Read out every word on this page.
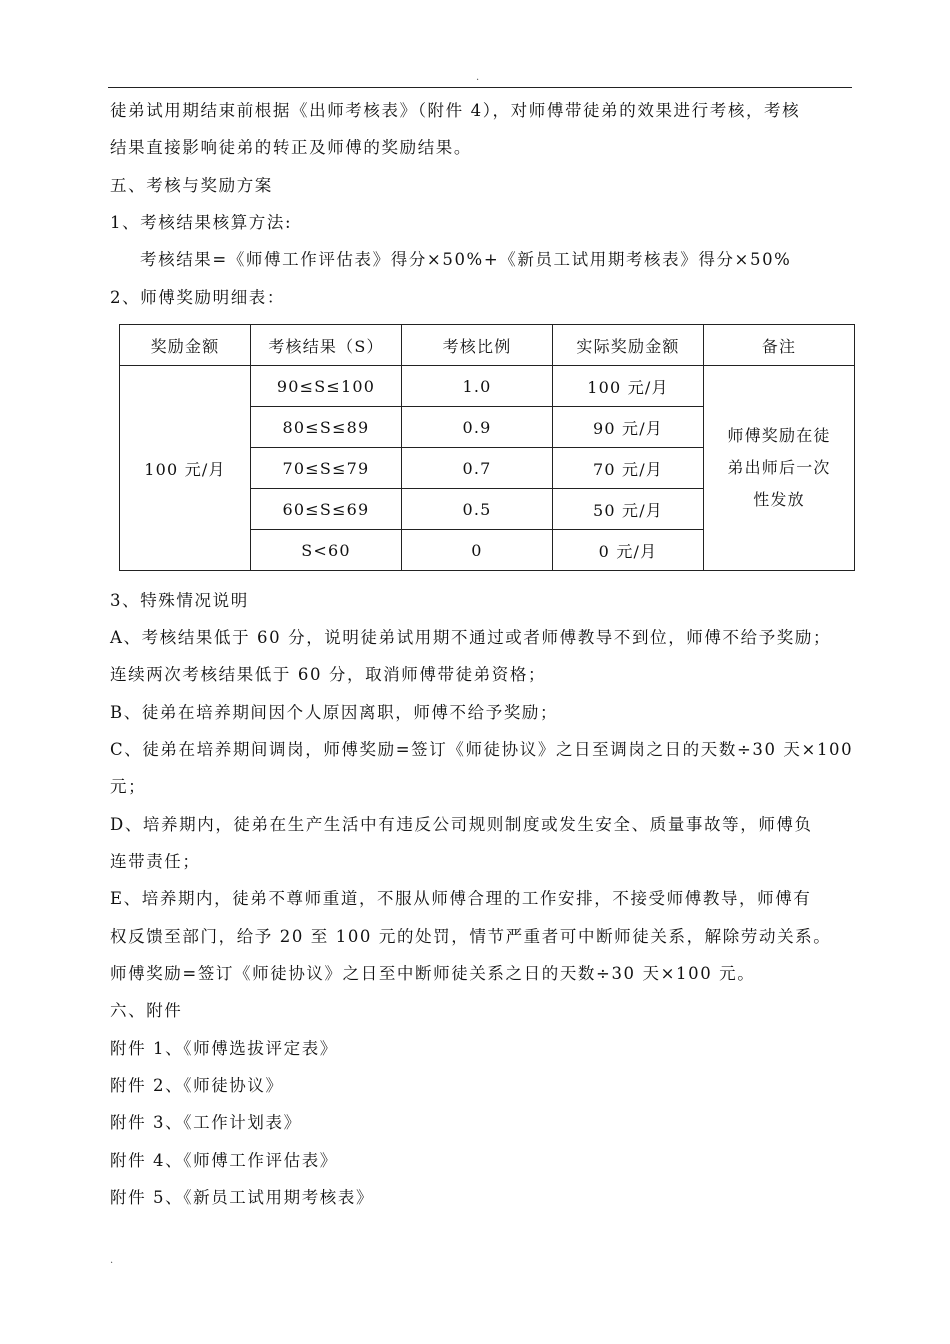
.
徒弟试用期结束前根据《出师考核表》（附件 4），对师傅带徒弟的效果进行考核，考核
结果直接影响徒弟的转正及师傅的奖励结果。
五、考核与奖励方案
1、考核结果核算方法:
考核结果=《师傅工作评估表》得分×50%+《新员工试用期考核表》得分×50%
2、师傅奖励明细表：
奖励金额	考核结果（S）	考核比例	实际奖励金额	备注
100 元/月	90≤S≤100	1.0	100 元/月	师傅奖励在徒
弟出师后一次
性发放

	80≤S≤89	0.9	90 元/月	
	70≤S≤79	0.7	70 元/月	
	60≤S≤69	0.5	50 元/月	
	S<60	0	0 元/月	
3、特殊情况说明
A、考核结果低于 60 分，说明徒弟试用期不通过或者师傅教导不到位，师傅不给予奖励；
连续两次考核结果低于 60 分，取消师傅带徒弟资格；
B、徒弟在培养期间因个人原因离职，师傅不给予奖励；
C、徒弟在培养期间调岗，师傅奖励=签订《师徒协议》之日至调岗之日的天数÷30 天×100
元；
D、培养期内，徒弟在生产生活中有违反公司规则制度或发生安全、质量事故等，师傅负
连带责任；
E、培养期内，徒弟不尊师重道，不服从师傅合理的工作安排，不接受师傅教导，师傅有
权反馈至部门，给予 20 至 100 元的处罚，情节严重者可中断师徒关系，解除劳动关系。
师傅奖励=签订《师徒协议》之日至中断师徒关系之日的天数÷30 天×100 元。
六、附件
附件 1、《师傅选拔评定表》
附件 2、《师徒协议》
附件 3、《工作计划表》
附件 4、《师傅工作评估表》
附件 5、《新员工试用期考核表》
.
